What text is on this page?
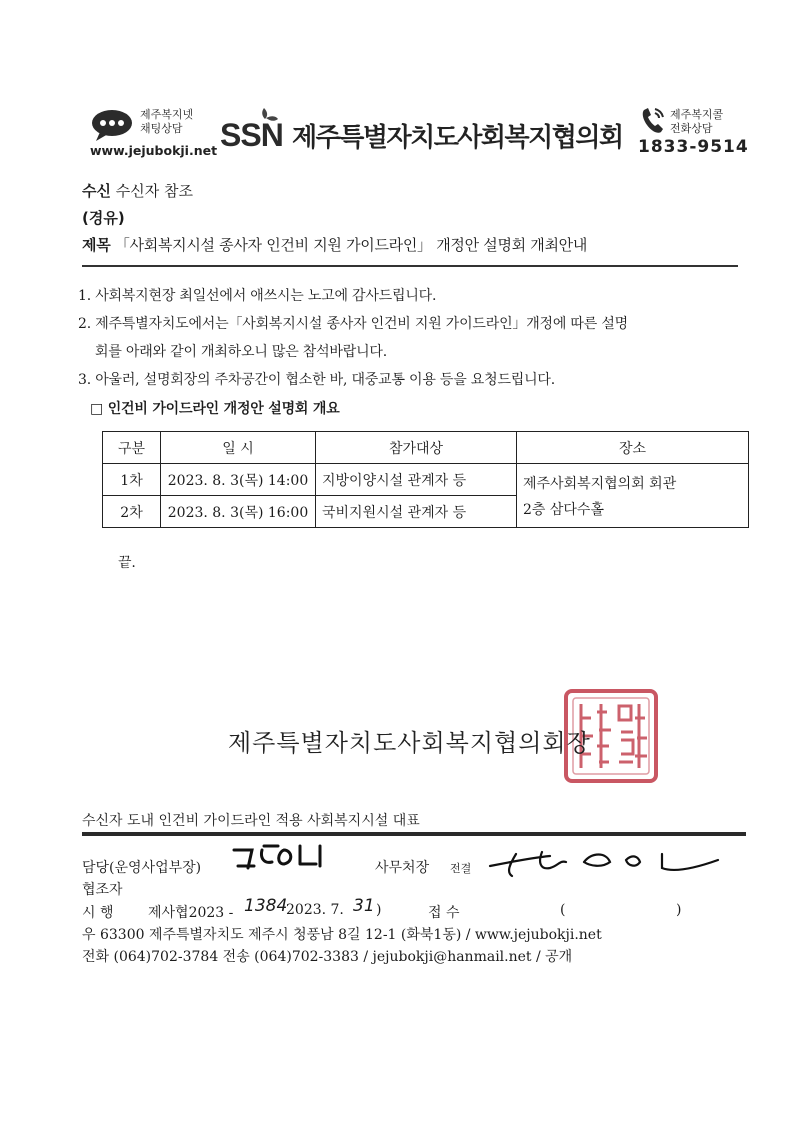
제주복지넷
채팅상담
www.jejubokji.net SSN 제주특별자치도사회복지협의회
제주복지콜
전화상담
1833-9514
수신 수신자 참조
(경유)
제목 「사회복지시설 종사자 인건비 지원 가이드라인」 개정안 설명회 개최안내
1. 사회복지현장 최일선에서 애쓰시는 노고에 감사드립니다.
2. 제주특별자치도에서는「사회복지시설 종사자 인건비 지원 가이드라인」개정에 따른 설명
회를 아래와 같이 개최하오니 많은 참석바랍니다.
3. 아울러, 설명회장의 주차공간이 협소한 바, 대중교통 이용 등을 요청드립니다.
□ 인건비 가이드라인 개정안 설명회 개요
구분	일 시	참가대상	장소
1차	2023. 8. 3(목) 14:00	지방이양시설 관계자 등	제주사회복지협의회 회관
2층 삼다수홀

2차	2023. 8. 3(목) 16:00	국비지원시설 관계자 등	
끝.
제주특별자치도사회복지협의회장
수신자 도내 인건비 가이드라인 적용 사회복지시설 대표
담당(운영사업부장)	사무처장 전결
협조자
시 행 제사협2023 - 1384
2023. 7. 31 )	접 수	(	)
우 63300 제주특별자치도 제주시 청풍남 8길 12-1 (화북1동) / www.jejubokji.net
전화 (064)702-3784 전송 (064)702-3383 / jejubokji@hanmail.net / 공개
